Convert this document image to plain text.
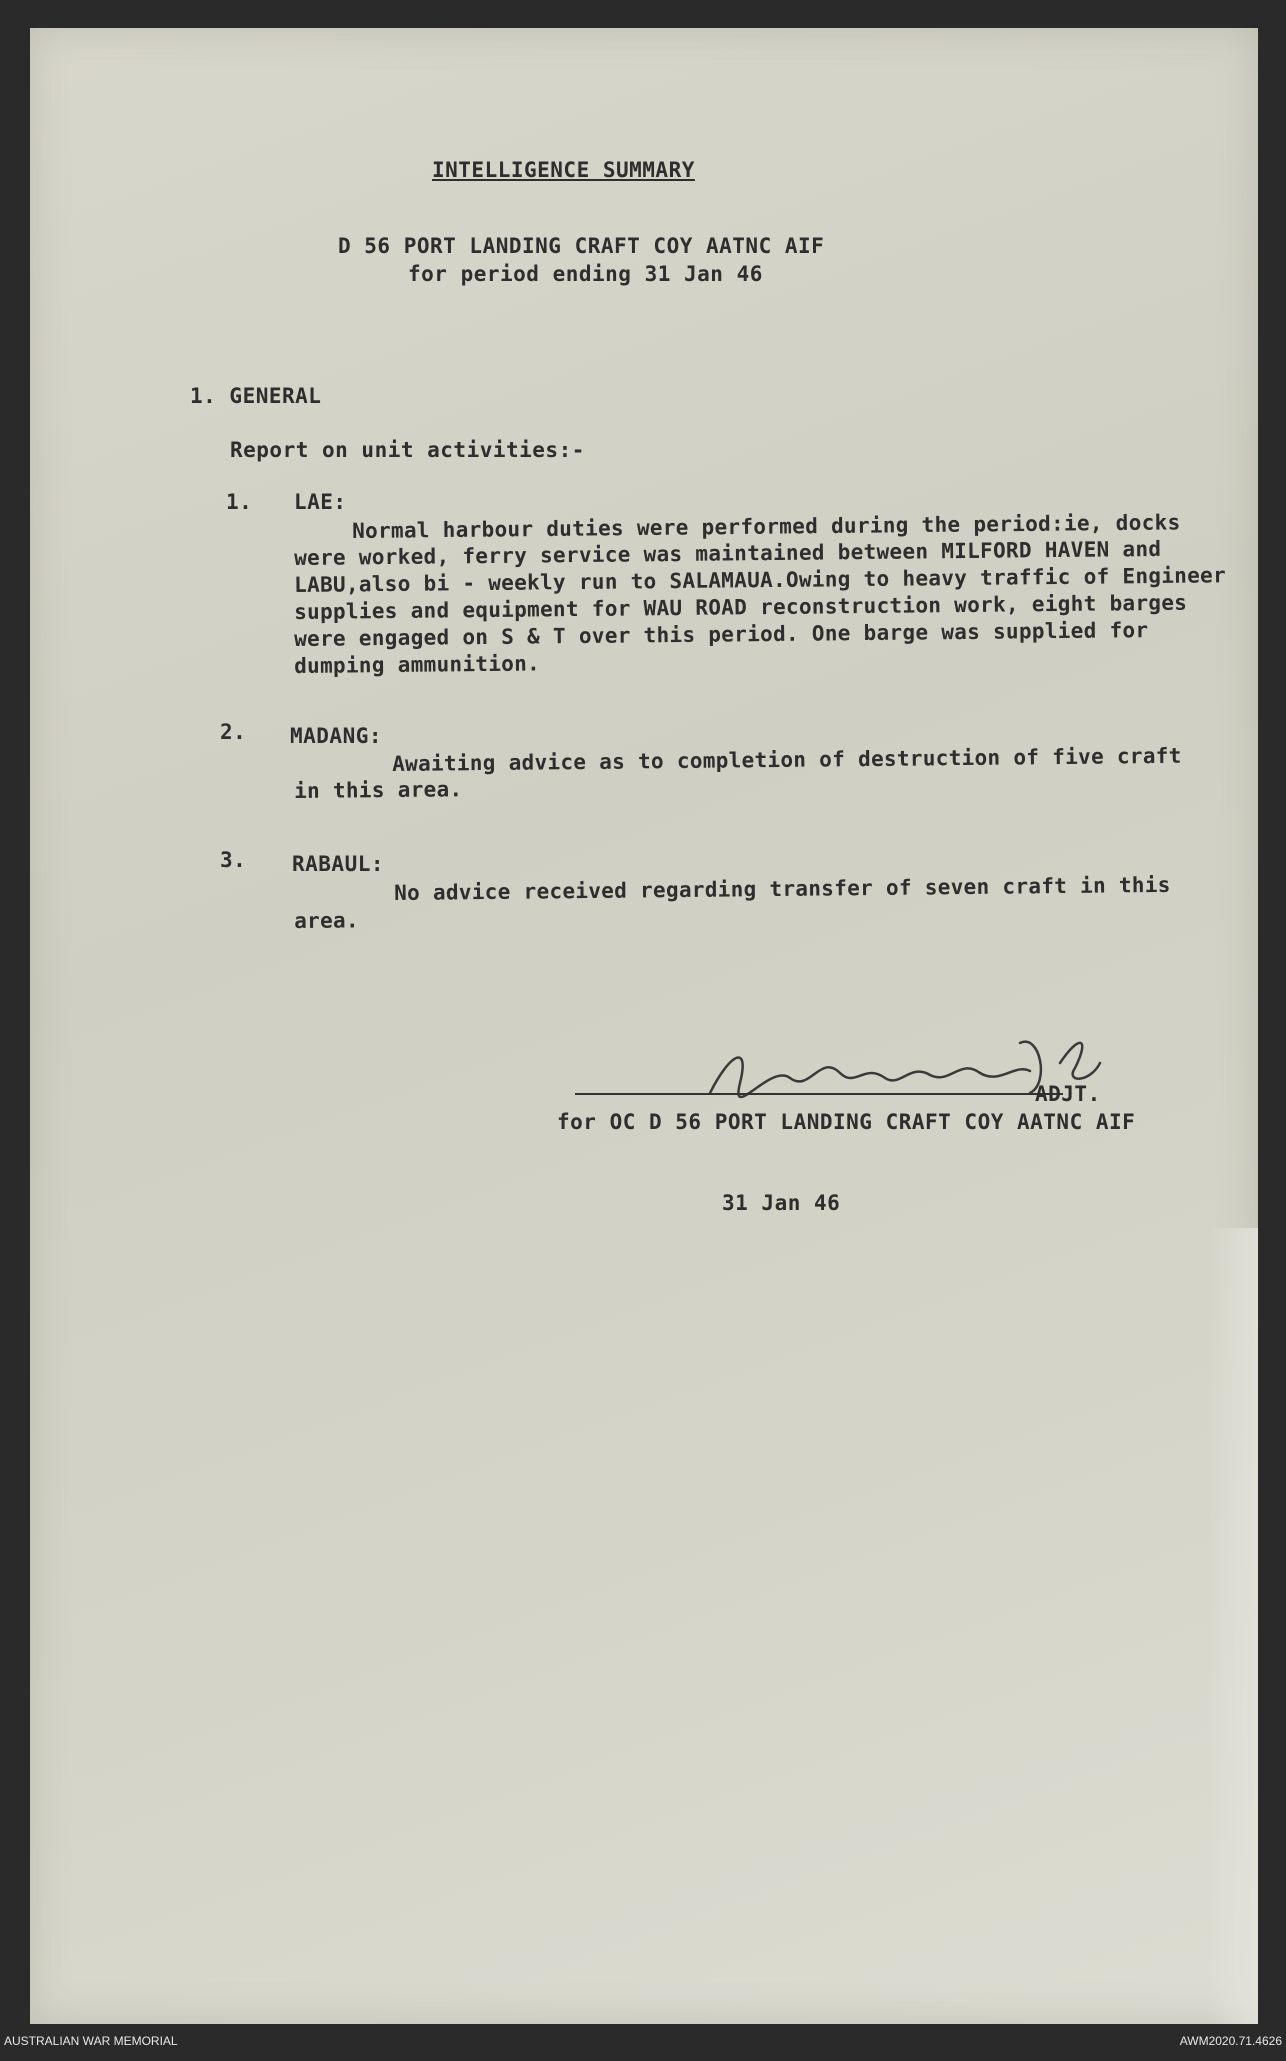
INTELLIGENCE SUMMARY
D 56 PORT LANDING CRAFT COY AATNC AIF
for period ending 31 Jan 46
1. GENERAL
Report on unit activities:-
1. LAE:
Normal harbour duties were performed during the period:ie, docks
were worked, ferry service was maintained between MILFORD HAVEN and
LABU,also bi - weekly run to SALAMAUA.Owing to heavy traffic of Engineer
supplies and equipment for WAU ROAD reconstruction work, eight barges
were engaged on S & T over this period. One barge was supplied for
dumping ammunition.
2. MADANG:
Awaiting advice as to completion of destruction of five craft
in this area.
3. RABAUL:
No advice received regarding transfer of seven craft in this
area.
ADJT.
for OC D 56 PORT LANDING CRAFT COY AATNC AIF
31 Jan 46
AUSTRALIAN WAR MEMORIAL	AWM2020.71.4626
